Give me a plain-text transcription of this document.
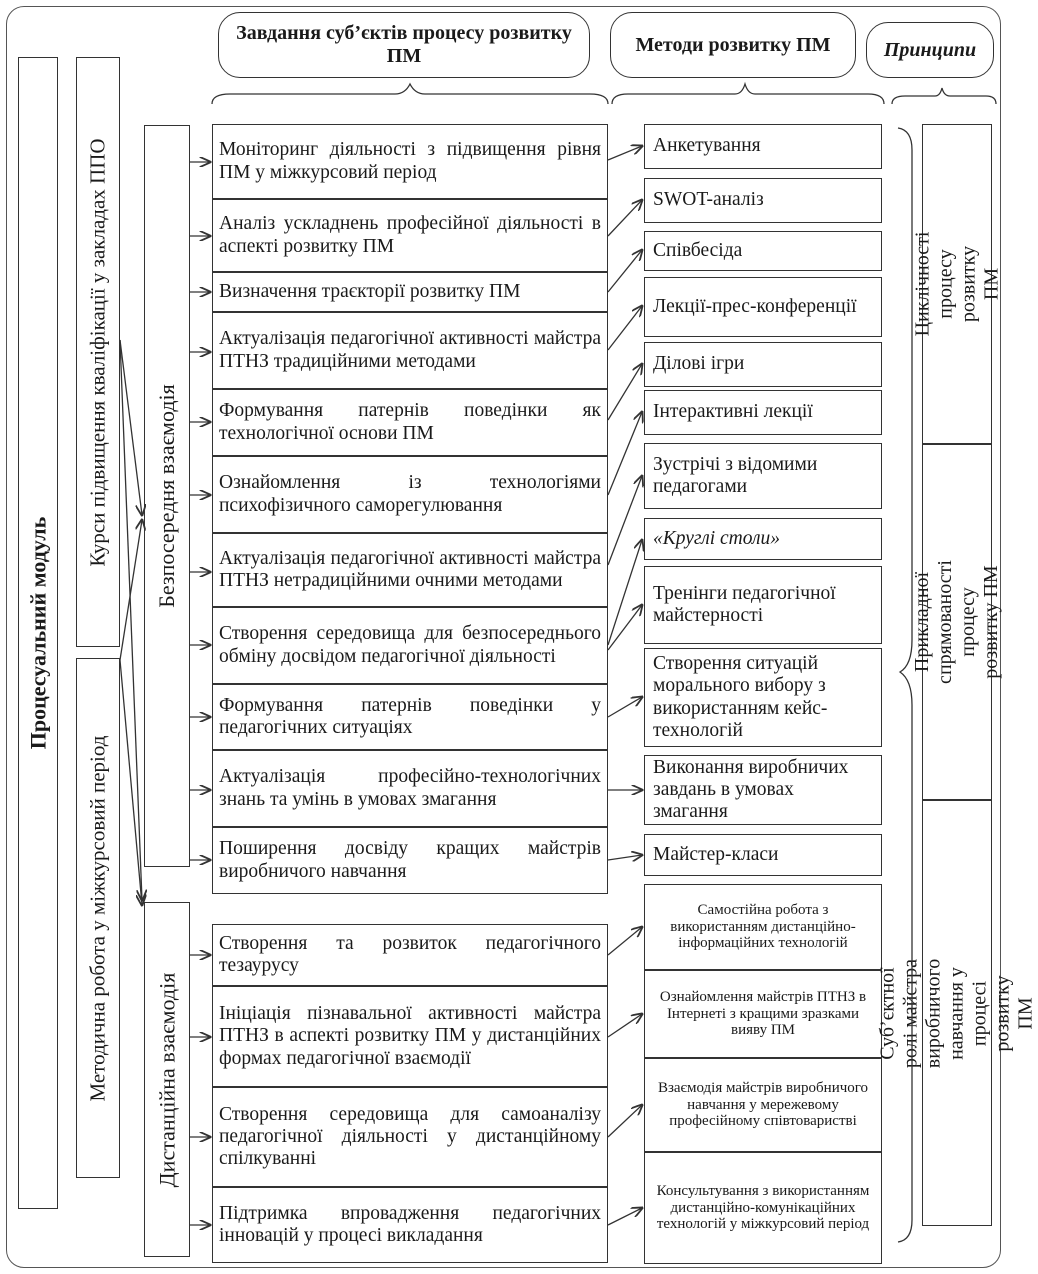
Завдання суб’єктів процесу розвитку ПМ
Методи розвитку ПМ	Принципи
Процесуальний модуль
Курси підвищення кваліфікації у закладах ППО
Методична робота у міжкурсовий період
Безпосередня взаємодія
Дистанційна взаємодія
Моніторинг діяльності з підвищення рівня ПМ у міжкурсовий період
Аналіз ускладнень професійної діяльності в аспекті розвитку ПМ
Визначення траєкторії розвитку ПМ
Актуалізація педагогічної активності майстра ПТНЗ традиційними методами
Формування патернів поведінки як технологічної основи ПМ
Ознайомлення із технологіями психофізичного саморегулювання
Актуалізація педагогічної активності майстра ПТНЗ нетрадиційними очними методами
Створення середовища для безпосереднього обміну досвідом педагогічної діяльності
Формування патернів поведінки у педагогічних ситуаціях
Актуалізація професійно-технологічних знань та умінь в умовах змагання
Поширення досвіду кращих майстрів виробничого навчання
Створення та розвиток педагогічного тезаурусу
Ініціація пізнавальної активності майстра ПТНЗ в аспекті розвитку ПМ у дистанційних формах педагогічної взаємодії
Створення середовища для самоаналізу педагогічної діяльності у дистанційному спілкуванні
Підтримка впровадження педагогічних інновацій у процесі викладання
Анкетування
SWOT-аналіз
Співбесіда
Лекції-прес-конференції
Ділові ігри
Інтерактивні лекції
Зустрічі з відомими педагогами
«Круглі столи»
Тренінги педагогічної майстерності
Створення ситуацій морального вибору з використанням кейс-технологій
Виконання виробничих завдань в умовах змагання
Майстер-класи
Самостійна робота з використанням дистанційно-інформаційних технологій
Ознайомлення майстрів ПТНЗ в Інтернеті з кращими зразками вияву ПМ
Взаємодія майстрів виробничого навчання у мережевому професійному співтоваристві
Консультування з використанням дистанційно-комунікаційних технологій у міжкурсовий період
Циклічності процесу розвитку ПМ
Прикладної спрямованості процесу розвитку ПМ
Суб’єктної ролі майстра виробничого навчання у процесі розвитку ПМ
